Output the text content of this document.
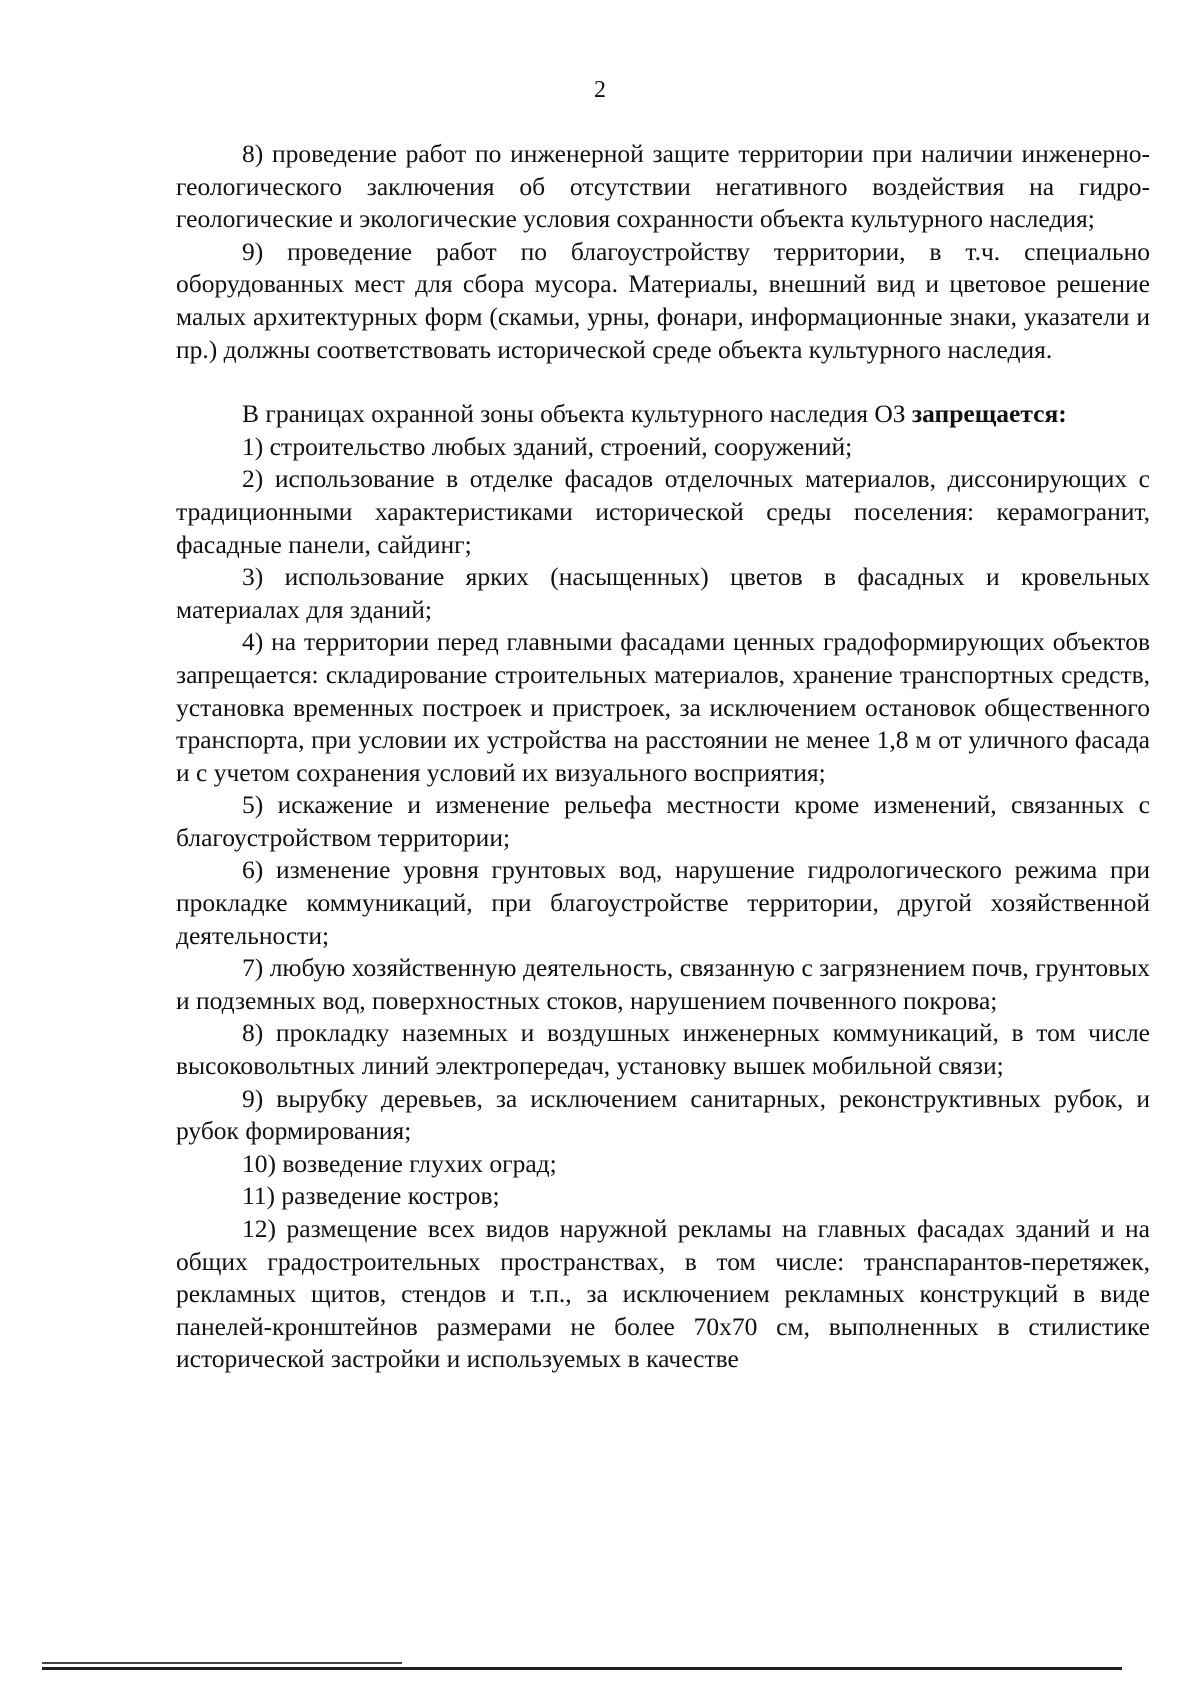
2

8) проведение работ по инженерной защите территории при наличии инженерно-геологического заключения об отсутствии негативного воздействия на гидро-геологические и экологические условия сохранности объекта культурного наследия;

9) проведение работ по благоустройству территории, в т.ч. специально оборудованных мест для сбора мусора. Материалы, внешний вид и цветовое решение малых архитектурных форм (скамьи, урны, фонари, информационные знаки, указатели и пр.) должны соответствовать исторической среде объекта культурного наследия.

В границах охранной зоны объекта культурного наследия ОЗ запрещается:

1) строительство любых зданий, строений, сооружений;

2) использование в отделке фасадов отделочных материалов, диссонирующих с традиционными характеристиками исторической среды поселения: керамогранит, фасадные панели, сайдинг;

3) использование ярких (насыщенных) цветов в фасадных и кровельных материалах для зданий;

4) на территории перед главными фасадами ценных градоформирующих объектов запрещается: складирование строительных материалов, хранение транспортных средств, установка временных построек и пристроек, за исключением остановок общественного транспорта, при условии их устройства на расстоянии не менее 1,8 м от уличного фасада и с учетом сохранения условий их визуального восприятия;

5) искажение и изменение рельефа местности кроме изменений, связанных с благоустройством территории;

6) изменение уровня грунтовых вод, нарушение гидрологического режима при прокладке коммуникаций, при благоустройстве территории, другой хозяйственной деятельности;

7) любую хозяйственную деятельность, связанную с загрязнением почв, грунтовых и подземных вод, поверхностных стоков, нарушением почвенного покрова;

8) прокладку наземных и воздушных инженерных коммуникаций, в том числе высоковольтных линий электропередач, установку вышек мобильной связи;

9) вырубку деревьев, за исключением санитарных, реконструктивных рубок, и рубок формирования;

10) возведение глухих оград;

11) разведение костров;

12) размещение всех видов наружной рекламы на главных фасадах зданий и на общих градостроительных пространствах, в том числе: транспарантов-перетяжек, рекламных щитов, стендов и т.п., за исключением рекламных конструкций в виде панелей-кронштейнов размерами не более 70х70 см, выполненных в стилистике исторической застройки и используемых в качестве
